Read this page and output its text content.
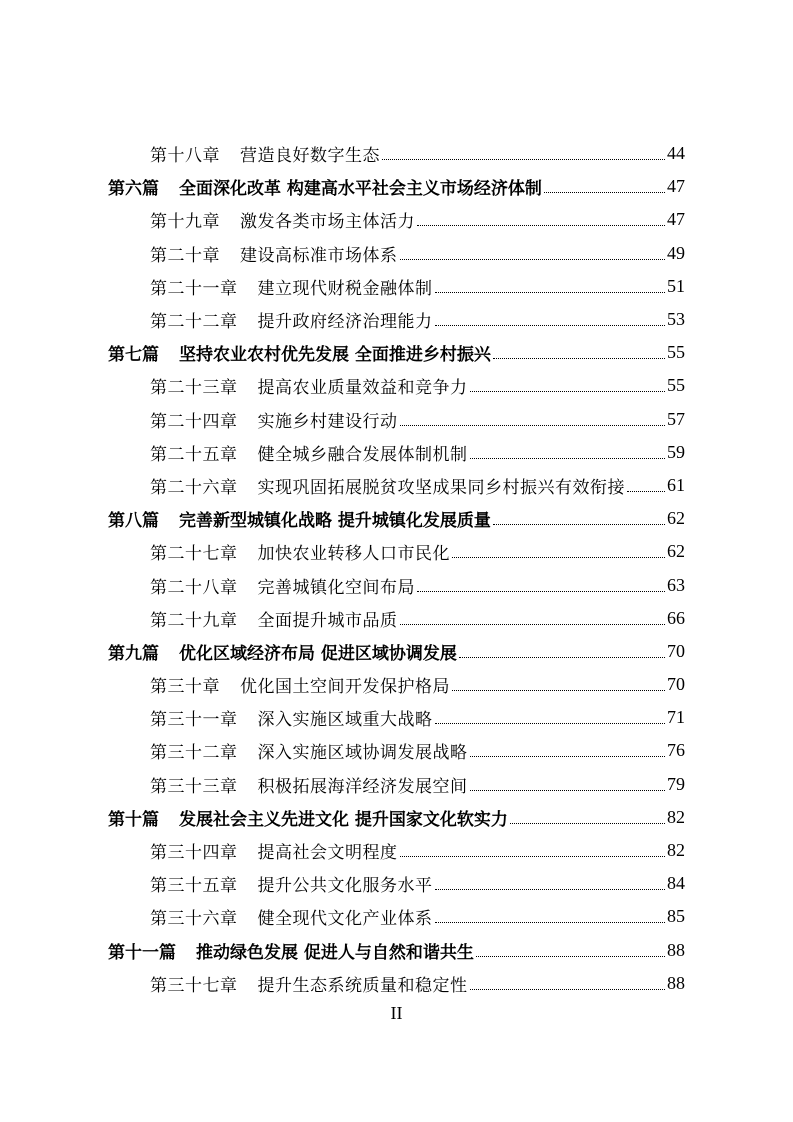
第十八章 营造良好数字生态	44
第六篇 全面深化改革 构建高水平社会主义市场经济体制	47
第十九章 激发各类市场主体活力	47
第二十章 建设高标准市场体系	49
第二十一章 建立现代财税金融体制	51
第二十二章 提升政府经济治理能力	53
第七篇 坚持农业农村优先发展 全面推进乡村振兴	55
第二十三章 提高农业质量效益和竞争力	55
第二十四章 实施乡村建设行动	57
第二十五章 健全城乡融合发展体制机制	59
第二十六章 实现巩固拓展脱贫攻坚成果同乡村振兴有效衔接 61
第八篇 完善新型城镇化战略 提升城镇化发展质量	62
第二十七章 加快农业转移人口市民化	62
第二十八章 完善城镇化空间布局	63
第二十九章 全面提升城市品质	66
第九篇 优化区域经济布局 促进区域协调发展	70
第三十章 优化国土空间开发保护格局	70
第三十一章 深入实施区域重大战略	71
第三十二章 深入实施区域协调发展战略	76
第三十三章 积极拓展海洋经济发展空间	79
第十篇 发展社会主义先进文化 提升国家文化软实力	82
第三十四章 提高社会文明程度	82
第三十五章 提升公共文化服务水平	84
第三十六章 健全现代文化产业体系	85
第十一篇 推动绿色发展 促进人与自然和谐共生	88
第三十七章 提升生态系统质量和稳定性	88
II
